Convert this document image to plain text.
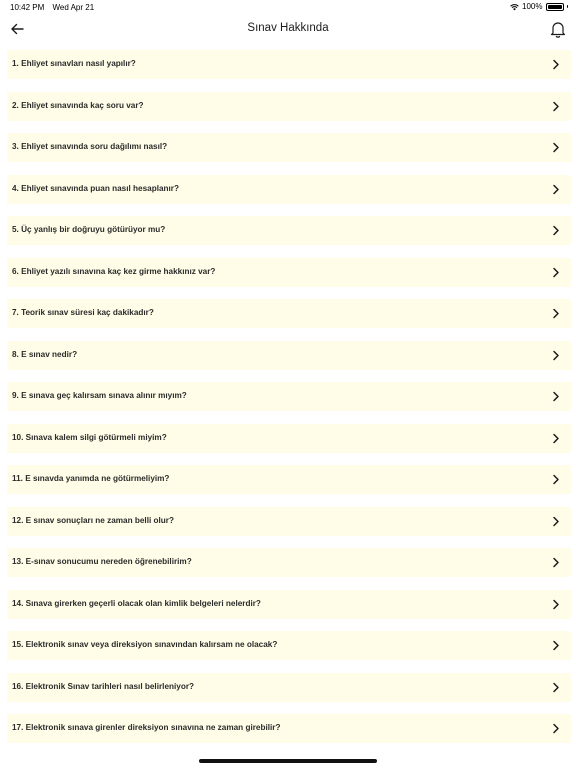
10:42 PM Wed Apr 21	100%
Sınav Hakkında
1. Ehliyet sınavları nasıl yapılır?
2. Ehliyet sınavında kaç soru var?
3. Ehliyet sınavında soru dağılımı nasıl?
4. Ehliyet sınavında puan nasıl hesaplanır?
5. Üç yanlış bir doğruyu götürüyor mu?
6. Ehliyet yazılı sınavına kaç kez girme hakkınız var?
7. Teorik sınav süresi kaç dakikadır?
8. E sınav nedir?
9. E sınava geç kalırsam sınava alınır mıyım?
10. Sınava kalem silgi götürmeli miyim?
11. E sınavda yanımda ne götürmeliyim?
12. E sınav sonuçları ne zaman belli olur?
13. E-sınav sonucumu nereden öğrenebilirim?
14. Sınava girerken geçerli olacak olan kimlik belgeleri nelerdir?
15. Elektronik sınav veya direksiyon sınavından kalırsam ne olacak?
16. Elektronik Sınav tarihleri nasıl belirleniyor?
17. Elektronik sınava girenler direksiyon sınavına ne zaman girebilir?
